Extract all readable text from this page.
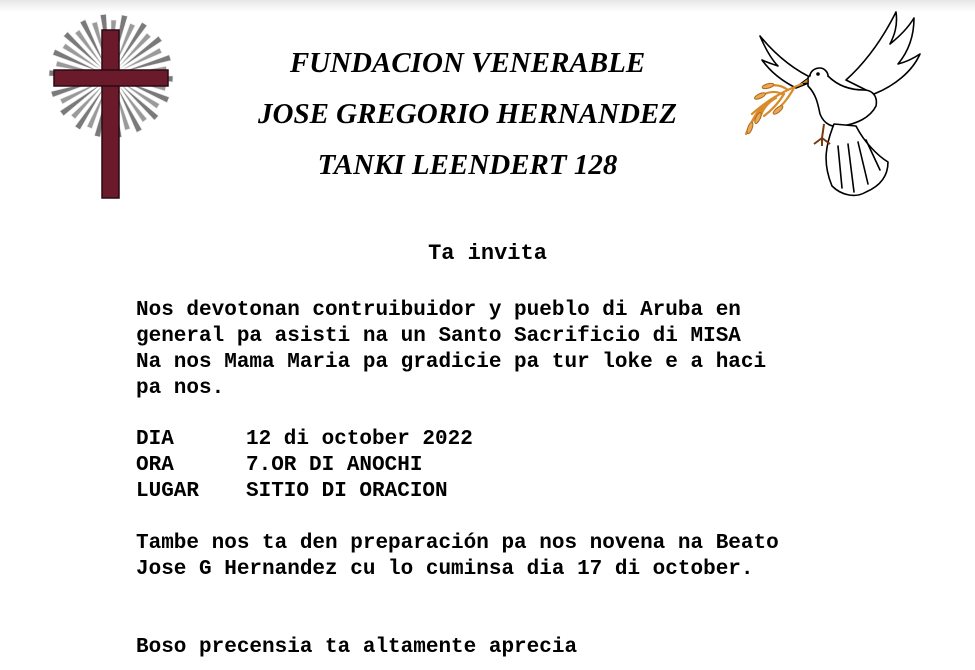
FUNDACION VENERABLE
JOSE GREGORIO HERNANDEZ
TANKI LEENDERT 128
Ta invita
Nos devotonan contruibuidor y pueblo di Aruba en
general pa asisti na un Santo Sacrificio di MISA
Na nos Mama Maria pa gradicie pa tur loke e a haci
pa nos.
DIA	12 di october 2022
ORA	7.OR DI ANOCHI
LUGAR SITIO DI ORACION
Tambe nos ta den preparación pa nos novena na Beato
Jose G Hernandez cu lo cuminsa dia 17 di october.
Boso precensia ta altamente aprecia
